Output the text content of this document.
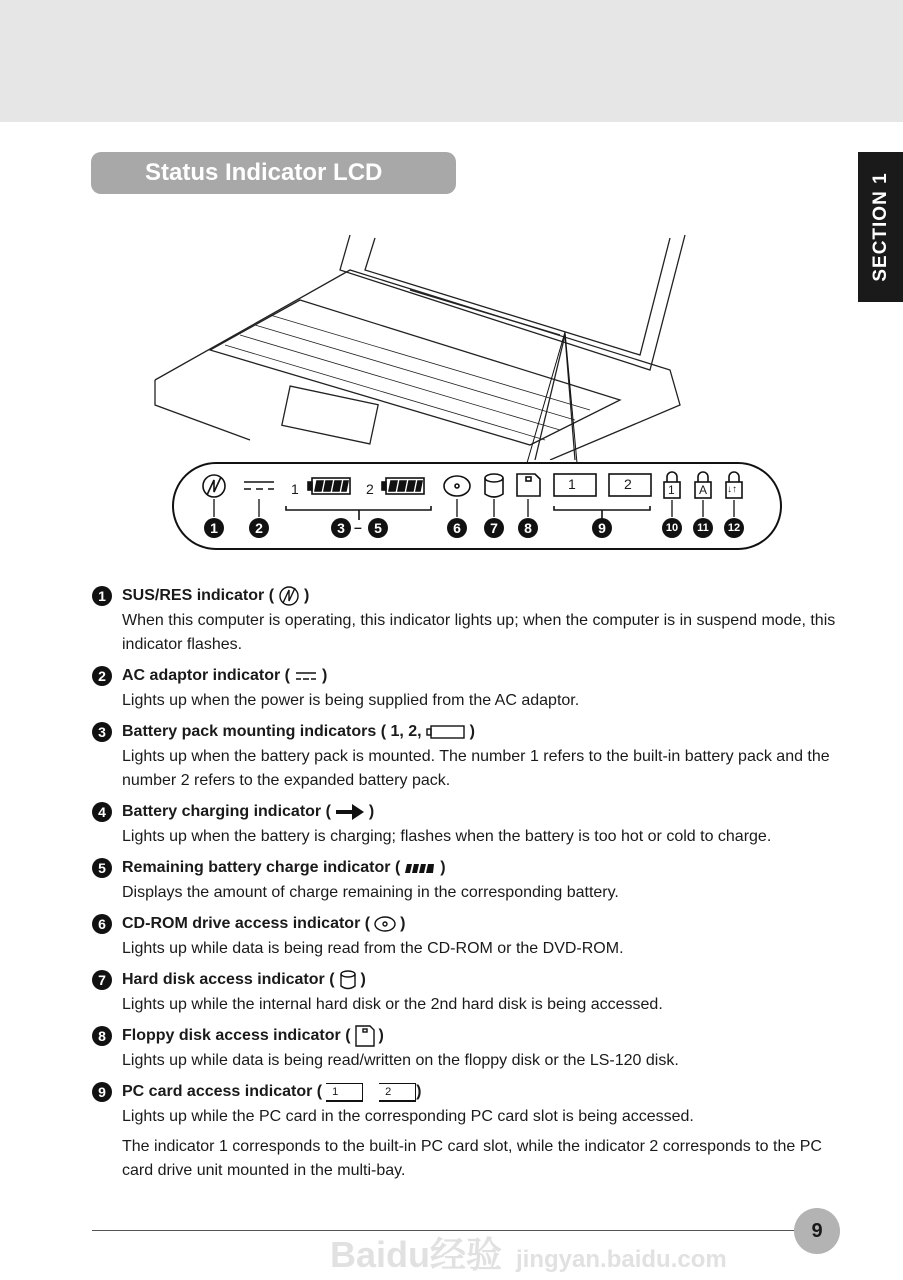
Status Indicator LCD	SECTION 1
1	2	1	2	1 A ↓↑
1	2	3 – 5	6	7	8	9	10	11	12
1	SUS/RES indicator ( )
When this computer is operating, this indicator lights up; when the computer is in suspend mode, this indicator flashes.
2	AC adaptor indicator ( )
Lights up when the power is being supplied from the AC adaptor.
3	Battery pack mounting indicators ( 1, 2,	)
Lights up when the battery pack is mounted. The number 1 refers to the built-in battery pack and the number 2 refers to the expanded battery pack.
4	Battery charging indicator ( )
Lights up when the battery is charging; flashes when the battery is too hot or cold to charge.
5	Remaining battery charge indicator (	)
Displays the amount of charge remaining in the corresponding battery.
6	CD-ROM drive access indicator ( )
Lights up while data is being read from the CD-ROM or the DVD-ROM.
7	Hard disk access indicator ( )
Lights up while the internal hard disk or the 2nd hard disk is being accessed.
8	Floppy disk access indicator ( )
Lights up while data is being read/written on the floppy disk or the LS-120 disk.
9	PC card access indicator ( 1	2	)
Lights up while the PC card in the corresponding PC card slot is being accessed.
The indicator 1 corresponds to the built-in PC card slot, while the indicator 2 corresponds to the PC card drive unit mounted in the multi-bay.
Baidu经验 jingyan.baidu.com
9
